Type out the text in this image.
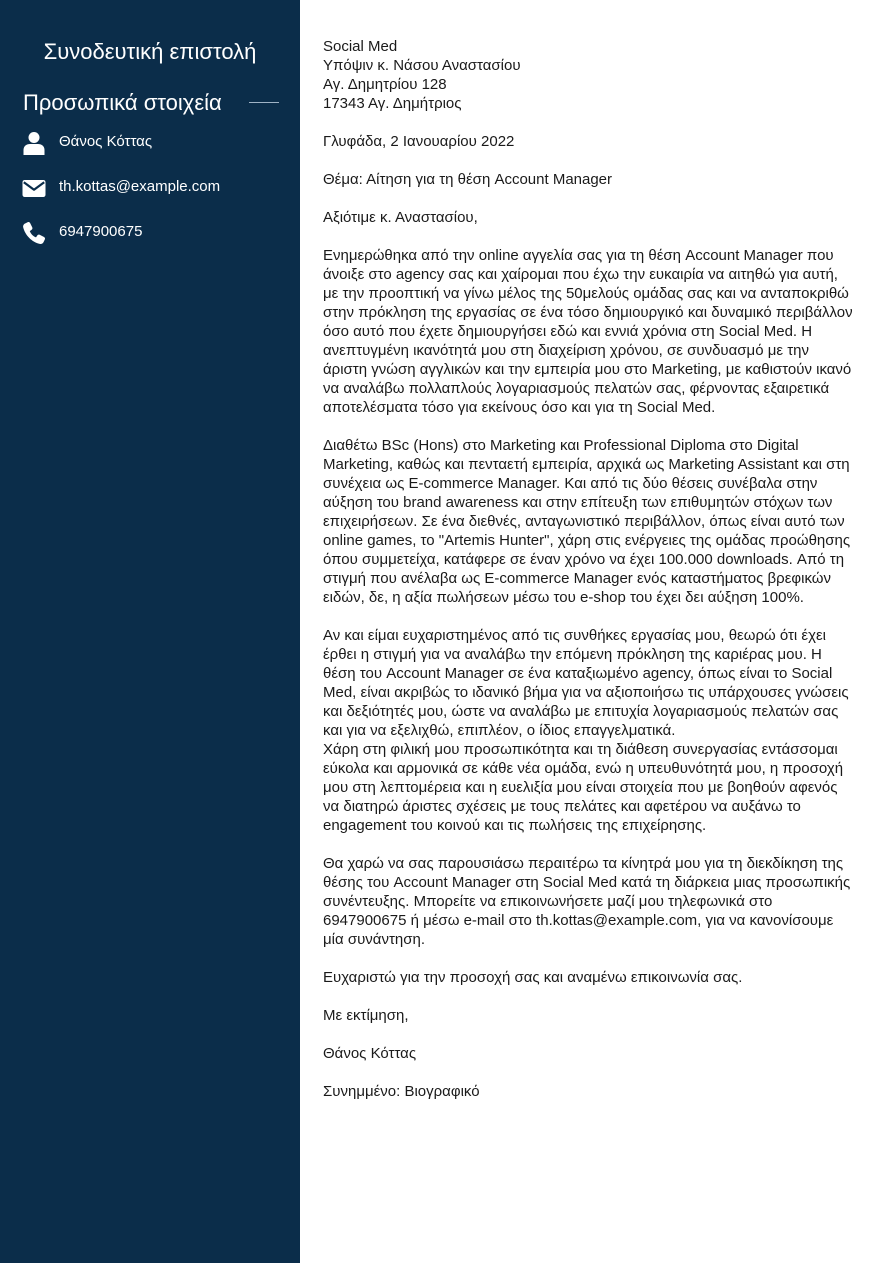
Συνοδευτική επιστολή
Προσωπικά στοιχεία
Θάνος Κόττας
th.kottas@example.com
6947900675
Social Med
Υπόψιν κ. Νάσου Αναστασίου
Αγ. Δημητρίου 128
17343 Αγ. Δημήτριος

Γλυφάδα, 2 Ιανουαρίου 2022

Θέμα: Αίτηση για τη θέση Account Manager

Αξιότιμε κ. Αναστασίου,

Ενημερώθηκα από την online αγγελία σας για τη θέση Account Manager που άνοιξε στο agency σας και χαίρομαι που έχω την ευκαιρία να αιτηθώ για αυτή, με την προοπτική να γίνω μέλος της 50μελούς ομάδας σας και να ανταποκριθώ στην πρόκληση της εργασίας σε ένα τόσο δημιουργικό και δυναμικό περιβάλλον όσο αυτό που έχετε δημιουργήσει εδώ και εννιά χρόνια στη Social Med. Η ανεπτυγμένη ικανότητά μου στη διαχείριση χρόνου, σε συνδυασμό με την άριστη γνώση αγγλικών και την εμπειρία μου στο Marketing, με καθιστούν ικανό να αναλάβω πολλαπλούς λογαριασμούς πελατών σας, φέρνοντας εξαιρετικά αποτελέσματα τόσο για εκείνους όσο και για τη Social Med.

Διαθέτω BSc (Hons) στο Marketing και Professional Diploma στο Digital Marketing, καθώς και πενταετή εμπειρία, αρχικά ως Marketing Assistant και στη συνέχεια ως E-commerce Manager. Και από τις δύο θέσεις συνέβαλα στην αύξηση του brand awareness και στην επίτευξη των επιθυμητών στόχων των επιχειρήσεων. Σε ένα διεθνές, ανταγωνιστικό περιβάλλον, όπως είναι αυτό των online games, το "Artemis Hunter", χάρη στις ενέργειες της ομάδας προώθησης όπου συμμετείχα, κατάφερε σε έναν χρόνο να έχει 100.000 downloads. Από τη στιγμή που ανέλαβα ως E-commerce Manager ενός καταστήματος βρεφικών ειδών, δε, η αξία πωλήσεων μέσω του e-shop του έχει δει αύξηση 100%.

Αν και είμαι ευχαριστημένος από τις συνθήκες εργασίας μου, θεωρώ ότι έχει έρθει η στιγμή για να αναλάβω την επόμενη πρόκληση της καριέρας μου. Η θέση του Account Manager σε ένα καταξιωμένο agency, όπως είναι το Social Med, είναι ακριβώς το ιδανικό βήμα για να αξιοποιήσω τις υπάρχουσες γνώσεις και δεξιότητές μου, ώστε να αναλάβω με επιτυχία λογαριασμούς πελατών σας και για να εξελιχθώ, επιπλέον, ο ίδιος επαγγελματικά.

Χάρη στη φιλική μου προσωπικότητα και τη διάθεση συνεργασίας εντάσσομαι εύκολα και αρμονικά σε κάθε νέα ομάδα, ενώ η υπευθυνότητά μου, η προσοχή μου στη λεπτομέρεια και η ευελιξία μου είναι στοιχεία που με βοηθούν αφενός να διατηρώ άριστες σχέσεις με τους πελάτες και αφετέρου να αυξάνω το engagement του κοινού και τις πωλήσεις της επιχείρησης.

Θα χαρώ να σας παρουσιάσω περαιτέρω τα κίνητρά μου για τη διεκδίκηση της θέσης του Account Manager στη Social Med κατά τη διάρκεια μιας προσωπικής συνέντευξης. Μπορείτε να επικοινωνήσετε μαζί μου τηλεφωνικά στο 6947900675 ή μέσω e-mail στο th.kottas@example.com, για να κανονίσουμε μία συνάντηση.

Ευχαριστώ για την προσοχή σας και αναμένω επικοινωνία σας.

Με εκτίμηση,

Θάνος Κόττας

Συνημμένο: Βιογραφικό
